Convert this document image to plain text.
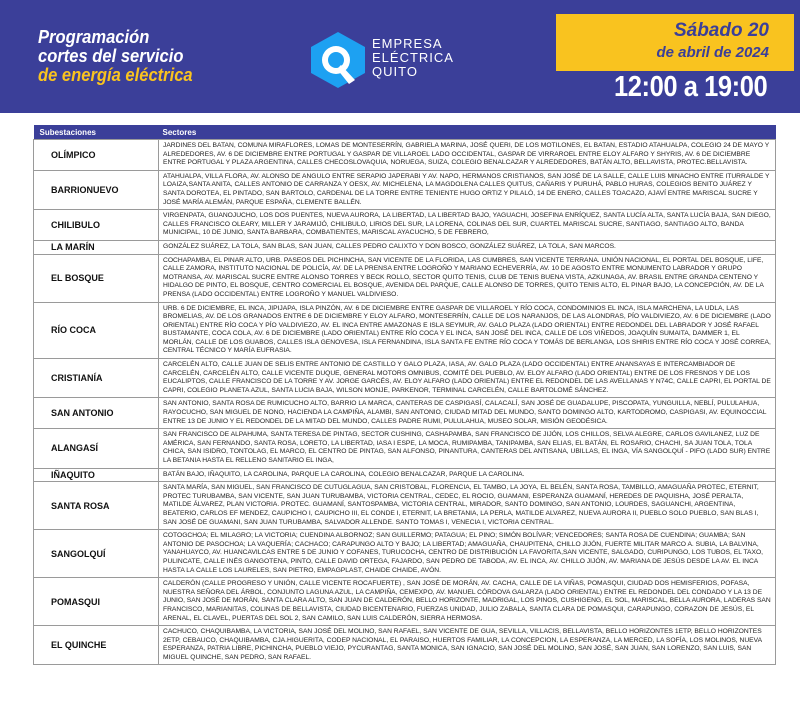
Programación
cortes del servicio
de energía eléctrica
EMPRESA
ELÉCTRICA
QUITO
Sábado 20
de abril de 2024
12:00 a 19:00
Subestaciones	Sectores
OLÍMPICO	JARDINES DEL BATAN, COMUNA MIRAFLORES, LOMAS DE MONTESERRÍN, GABRIELA MARINA, JOSÉ QUERI, DE LOS MOTILONES, EL BATAN, ESTADIO ATAHUALPA, COLEGIO 24 DE MAYO Y ALREDEDORES, AV. 6 DE DICIEMBRE ENTRE PORTUGAL Y GASPAR DE VILLAROEL LADO OCCIDENTAL, GASPAR DE VIRRAROEL ENTRE ELOY ALFARO Y SHYRIS, AV. 6 DE DICIEMBRE ENTRE PORTUGAL Y PLAZA ARGENTINA, CALLES CHECOSLOVAQUIA, NORUEGA, SUIZA, COLEGIO BENALCAZAR Y ALREDEDORES, BATÁN ALTO, BELLAVISTA, PROTEC.BELLAVISTA.
BARRIONUEVO	ATAHUALPA, VILLA FLORA, AV. ALONSO DE ANGULO ENTRE SERAPIO JAPERABI Y AV. NAPO, HERMANOS CRISTIANOS, SAN JOSÉ DE LA SALLE, CALLE LUIS MINACHO ENTRE ITURRALDE Y LOAIZA,SANTA ANITA, CALLES ANTONIO DE CARRANZA Y OESX, AV. MICHELENA, LA MAGDOLENA CALLES QUITUS, CAÑARIS Y PURUHÁ, PABLO HURAS, COLEGIOS BENITO JUÁREZ Y SANTA DOROTEA, EL PINTADO, SAN BARTOLO, CARDENAL DE LA TORRE ENTRE TENIENTE HUGO ORTIZ Y PILALÓ, 14 DE ENERO, CALLES TOACAZO, AJAVÍ ENTRE MARISCAL SUCRE Y JOSÉ MARÍA ALEMÁN, PARQUE ESPAÑA, CLEMENTE BALLÉN.
CHILIBULO	VIRGENPATA, GUANOJUCHO, LOS DOS PUENTES, NUEVA AURORA, LA LIBERTAD, LA LIBERTAD BAJO, YAGUACHI, JOSEFINA ENRÍQUEZ, SANTA LUCÍA ALTA, SANTA LUCÍA BAJA, SAN DIEGO, CALLES FRANCISCO OLEARY, MILLER Y JARAMIJÓ, CHILIBULO, LIRIOS DEL SUR, LA LORENA, COLINAS DEL SUR, CUARTEL MARISCAL SUCRE, SANTIAGO, SANTIAGO ALTO, BANDA MUNICIPAL, 10 DE JUNIO, SANTA BARBARA, COMBATIENTES, MARISCAL AYACUCHO, 5 DE FEBRERO,
LA MARÍN	GONZÁLEZ SUÁREZ, LA TOLA, SAN BLAS, SAN JUAN, CALLES PEDRO CALIXTO Y DON BOSCO, GONZÁLEZ SUÁREZ, LA TOLA, SAN MARCOS.
EL BOSQUE	COCHAPAMBA, EL PINAR ALTO, URB. PASEOS DEL PICHINCHA, SAN VICENTE DE LA FLORIDA, LAS CUMBRES, SAN VICENTE TERRANA. UNIÓN NACIONAL, EL PORTAL DEL BOSQUE, LIFE, CALLE ZAMORA, INSTITUTO NACIONAL DE POLICÍA, AV. DE LA PRENSA ENTRE LOGROÑO Y MARIANO ECHEVERRÍA, AV. 10 DE AGOSTO ENTRE MONUMENTO LABRADOR Y GRUPO MOTRANSA, AV. MARISCAL SUCRE ENTRE ALONSO TORRES Y BECK ROLLO, SECTOR QUITO TENIS, CLUB DE TENIS BUENA VISTA, AZKUNAGA, AV. BRASIL ENTRE GRANDA CENTENO Y HIDALGO DE PINTO, EL BOSQUE, CENTRO COMERCIAL EL BOSQUE, AVENIDA DEL PARQUE, CALLE ALONSO DE TORRES, QUITO TENIS ALTO, EL PINAR BAJO, LA CONCEPCIÓN, AV. DE LA PRENSA (LADO OCCIDENTAL) ENTRE LOGROÑO Y MANUEL VALDIVIESO.
RÍO COCA	URB. 6 DE DICIEMBRE, EL INCA, JIPIJAPA, ISLA PINZÓN, AV. 6 DE DICIEMBRE ENTRE GASPAR DE VILLAROEL Y RÍO COCA, CONDOMINIOS EL INCA, ISLA MARCHENA, LA UDLA, LAS BROMELIAS, AV. DE LOS GRANADOS ENTRE 6 DE DICIEMBRE Y ELOY ALFARO, MONTESERRÍN, CALLE DE LOS NARANJOS, DE LAS ALONDRAS, PÍO VALDIVIEZO, AV. 6 DE DICIEMBRE (LADO ORIENTAL) ENTRE RÍO COCA Y PÍO VALDIVIEZO, AV. EL INCA ENTRE AMAZONAS E ISLA SEYMUR, AV. GALO PLAZA (LADO ORIENTAL) ENTRE REDONDEL DEL LABRADOR Y JOSÉ RAFAEL BUSTAMANTE, COCA COLA, AV. 6 DE DICIEMBRE (LADO ORIENTAL) ENTRE RÍO COCA Y EL INCA, SAN JOSÉ DEL INCA, CALLE DE LOS VIÑEDOS, JOAQUÍN SUMAITA, DAMMER 1, EL MORLÁN, CALLE DE LOS GUABOS, CALLES ISLA GENOVESA, ISLA FERNANDINA, ISLA SANTA FE ENTRE RÍO COCA Y TOMÁS DE BERLANGA, LOS SHIRIS ENTRE RÍO COCA Y JOSÉ CORREA, CENTRAL TÉCNICO Y MARÍA EUFRASIA.
CRISTIANÍA	CARCELÉN ALTO, CALLE JUAN DE SELIS ENTRE ANTONIO DE CASTILLO Y GALO PLAZA, IASA, AV. GALO PLAZA (LADO OCCIDENTAL) ENTRE ANANSAYAS E INTERCAMBIADOR DE CARCELÉN, CARCELÉN ALTO, CALLE VICENTE DUQUE, GENERAL MOTORS OMNIBUS, COMITÉ DEL PUEBLO, AV. ELOY ALFARO (LADO ORIENTAL) ENTRE DE LOS FRESNOS Y DE LOS EUCALIPTOS, CALLE FRANCISCO DE LA TORRE Y AV. JORGE GARCÉS, AV. ELOY ALFARO (LADO ORIENTAL) ENTRE EL REDONDEL DE LAS AVELLANAS Y N74C, CALLE CAPRI, EL PORTAL DE CAPRI, COLEGIO PLANETA AZUL, SANTA LUCIA BAJA, WILSON MONJE, PARKENOR, TERMINAL CARCELÉN, CALLE BARTOLOMÉ SÁNCHEZ.
SAN ANTONIO	SAN ANTONIO, SANTA ROSA DE RUMICUCHO ALTO, BARRIO LA MARCA, CANTERAS DE CASPIGASÍ, CALACALÍ, SAN JOSÉ DE GUADALUPE, PISCOPATA, YUNGUILLA, NEBLÍ, PULULAHUA, RAYOCUCHO, SAN MIGUEL DE NONO, HACIENDA LA CAMPIÑA, ALAMBI, SAN ANTONIO, CIUDAD MITAD DEL MUNDO, SANTO DOMINGO ALTO, KARTODROMO, CASPIGASI, AV. EQUINOCCIAL ENTRE 13 DE JUNIO Y EL REDONDEL DE LA MITAD DEL MUNDO, CALLES PADRE RUMI, PULULAHUA, MUSEO SOLAR, MISIÓN GEODÉSICA.
ALANGASÍ	SAN FRANCISCO DE ALPAHUMA, SANTA TERESA DE PINTAG, SECTOR CUSHING, CASHAPAMBA, SAN FRANCISCO DE JIJÓN, LOS CHILLOS, SELVA ALEGRE, CARLOS GAVILANEZ, LUZ DE AMÉRICA, SAN FERNANDO, SANTA ROSA, LORETO, LA LIBERTAD, IASA I ESPE, LA MOCA, RUMIPAMBA, TANIPAMBA, SAN ELIAS, EL BATÁN, EL ROSARIO, CHACHI, SA JUAN TOLA, TOLA CHICA, SAN ISIDRO, TONTOLAG, EL MARCO, EL CENTRO DE PINTAG, SAN ALFONSO, PINANTURA, CANTERAS DEL ANTISANA, UBILLAS, EL INGA, VÍA SANGOLQUÍ - PIFO (LADO SUR) ENTRE LA BETANIA HASTA EL RELLENO SANITARIO EL INGA,
IÑAQUITO	BATÁN BAJO, IÑAQUITO, LA CAROLINA, PARQUE LA CAROLINA, COLEGIO BENALCAZAR, PARQUE LA CAROLINA.
SANTA ROSA	SANTA MARÍA, SAN MIGUEL, SAN FRANCISCO DE CUTUGLAGUA, SAN CRISTOBAL, FLORENCIA, EL TAMBO, LA JOYA, EL BELÉN, SANTA ROSA, TAMBILLO, AMAGUAÑA PROTEC, ETERNIT, PROTEC TURUBAMBA, SAN VICENTE, SAN JUAN TURUBAMBA, VICTORIA CENTRAL, CEDEC, EL ROCIO, GUAMANI, ESPERANZA GUAMANÍ, HEREDES DE PAQUISHA, JOSÉ PERALTA, MATILDE ÁLVAREZ, PLAN VICTORIA. PROTEC. GUAMANÍ, SANTOSPAMBA, VICTORIA CENTRAL, MIRADOR, SANTO DOMINGO, SAN ANTONIO, LOURDES, SAGUANCHI, ARGENTINA, BEATERIO, CARLOS EF MENDEZ, CAUPICHO I, CAUPICHO III, EL CONDE I, ETERNIT, LA BRETANIA, LA PERLA, MATILDE ALVAREZ, NUEVA AURORA II, PUEBLO SOLO PUEBLO, SAN BLAS I, SAN JOSÉ DE GUAMANI, SAN JUAN TURUBAMBA, SALVADOR ALLENDE. SANTO TOMAS I, VENECIA I, VICTORIA CENTRAL.
SANGOLQUÍ	COTOGCHOA; EL MILAGRO; LA VICTORIA; CUENDINA ALBORNOZ; SAN GUILLERMO; PATAGUA; EL PINO; SIMÓN BOLÍVAR; VENCEDORES; SANTA ROSA DE CUENDINA; GUAMBA; SAN ANTONIO DE PASOCHOA; LA VAQUERÍA; CACHACO; CARAPUNGO ALTO Y BAJO; LA LIBERTAD; AMAGUAÑA, CHAUPITENA, CHILLO JIJÓN, FUERTE MILITAR MARCO A. SUBIA, LA BALVINA, YANAHUAYCO, AV. HUANCAVILCAS ENTRE 5 DE JUNIO Y COFANES, TURUCOCHA, CENTRO DE DISTRIBUCIÓN LA FAVORITA,SAN VICENTE, SALGADO, CURIPUNGO, LOS TUBOS, EL TAXO, PULINCATE, CALLE INÉS GANGOTENA, PINTO, CALLE DAVID ORTEGA, FAJARDO, SAN PEDRO DE TABODA, AV. EL INCA, AV. CHILLO JIJÓN, AV. MARIANA DE JESÚS DESDE LA AV. EL INCA HASTA LA CALLE LOS LAURELES, SAN PIETRO, EMPAGPLAST, CHAIDE CHAIDE, AVÓN.
POMASQUI	CALDERÓN (CALLE PROGRESO Y UNIÓN, CALLE VICENTE ROCAFUERTE) , SAN JOSÉ DE MORÁN, AV. CACHA, CALLE DE LA VIÑAS, POMASQUI, CIUDAD DOS HEMISFERIOS, POFASA, NUESTRA SEÑORA DEL ÁRBOL, CONJUNTO LAGUNA AZUL, LA CAMPIÑA, CEMEXPO, AV. MANUEL CÓRDOVA GALARZA (LADO ORIENTAL) ENTRE EL REDONDEL DEL CONDADO Y LA 13 DE JUNIO, SAN JOSÉ DE MORÁN, SANTA CLARA ALTO, SAN JUAN DE CALDERÓN, BELLO HORIZONTE, MADRIGAL, LOS PINOS, CUSHIGENG, EL SOL, MARISCAL, BELLA AURORA, LADERAS SAN FRANCISCO, MARIANITAS, COLINAS DE BELLAVISTA, CIUDAD BICENTENARIO, FUERZAS UNIDAD, JULIO ZABALA, SANTA CLARA DE POMASQUI, CARAPUNGO, CORAZON DE JESÚS, EL ARENAL, EL CLAVEL, PUERTAS DEL SOL 2, SAN CAMILO, SAN LUIS CALDERÓN, SIERRA HERMOSA.
EL QUINCHE	CACHUCO, CHAQUIBAMBA, LA VICTORIA, SAN JOSÉ DEL MOLINO, SAN RAFAEL, SAN VICENTE DE GUA, SEVILLA, VILLACIS, BELLAVISTA, BELLO HORIZONTES 1ETP, BELLO HORIZONTES 2ETP, CEBAUCO, CHAQUIBAMBA, CJA.HIGUERITA, CODEP NACIONAL, EL PARAISO, HUERTOS FAMILIAR, LA CONCEPCION, LA ESPERANZA, LA MERCED, LA SOFÍA, LOS MOLINOS, NUEVA ESPERANZA, PATRIA LIBRE, PICHINCHA, PUEBLO VIEJO, PYCURANTAG, SANTA MONICA, SAN IGNACIO, SAN JOSÉ DEL MOLINO, SAN JOSÉ, SAN JUAN, SAN LORENZO, SAN LUIS, SAN MIGUEL QUINCHE, SAN PEDRO, SAN RAFAEL.
